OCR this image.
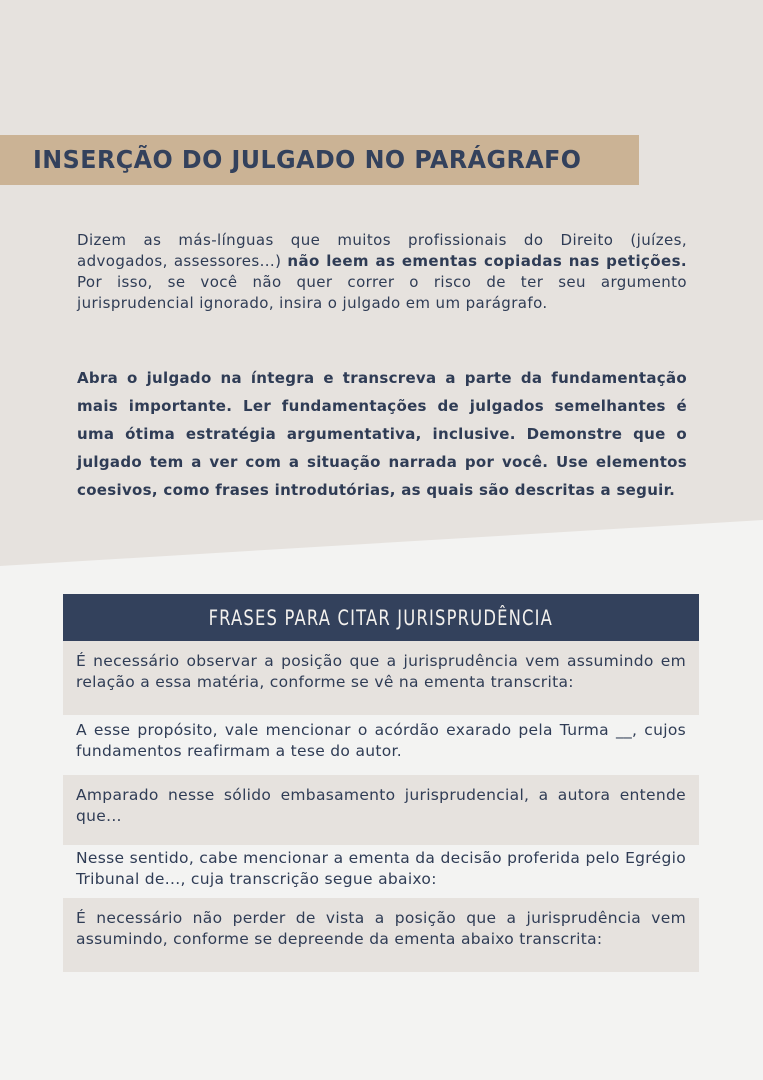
INSERÇÃO DO JULGADO NO PARÁGRAFO
Dizem as más-línguas que muitos profissionais do Direito (juízes, advogados, assessores...) não leem as ementas copiadas nas petições. Por isso, se você não quer correr o risco de ter seu argumento jurisprudencial ignorado, insira o julgado em um parágrafo.
Abra o julgado na íntegra e transcreva a parte da fundamentação mais importante. Ler fundamentações de julgados semelhantes é uma ótima estratégia argumentativa, inclusive. Demonstre que o julgado tem a ver com a situação narrada por você. Use elementos coesivos, como frases introdutórias, as quais são descritas a seguir.
FRASES PARA CITAR JURISPRUDÊNCIA
É necessário observar a posição que a jurisprudência vem assumindo em relação a essa matéria, conforme se vê na ementa transcrita:
A esse propósito, vale mencionar o acórdão exarado pela Turma __, cujos fundamentos reafirmam a tese do autor.
Amparado nesse sólido embasamento jurisprudencial, a autora entende que...
Nesse sentido, cabe mencionar a ementa da decisão proferida pelo Egrégio Tribunal de..., cuja transcrição segue abaixo:
É necessário não perder de vista a posição que a jurisprudência vem assumindo, conforme se depreende da ementa abaixo transcrita:
